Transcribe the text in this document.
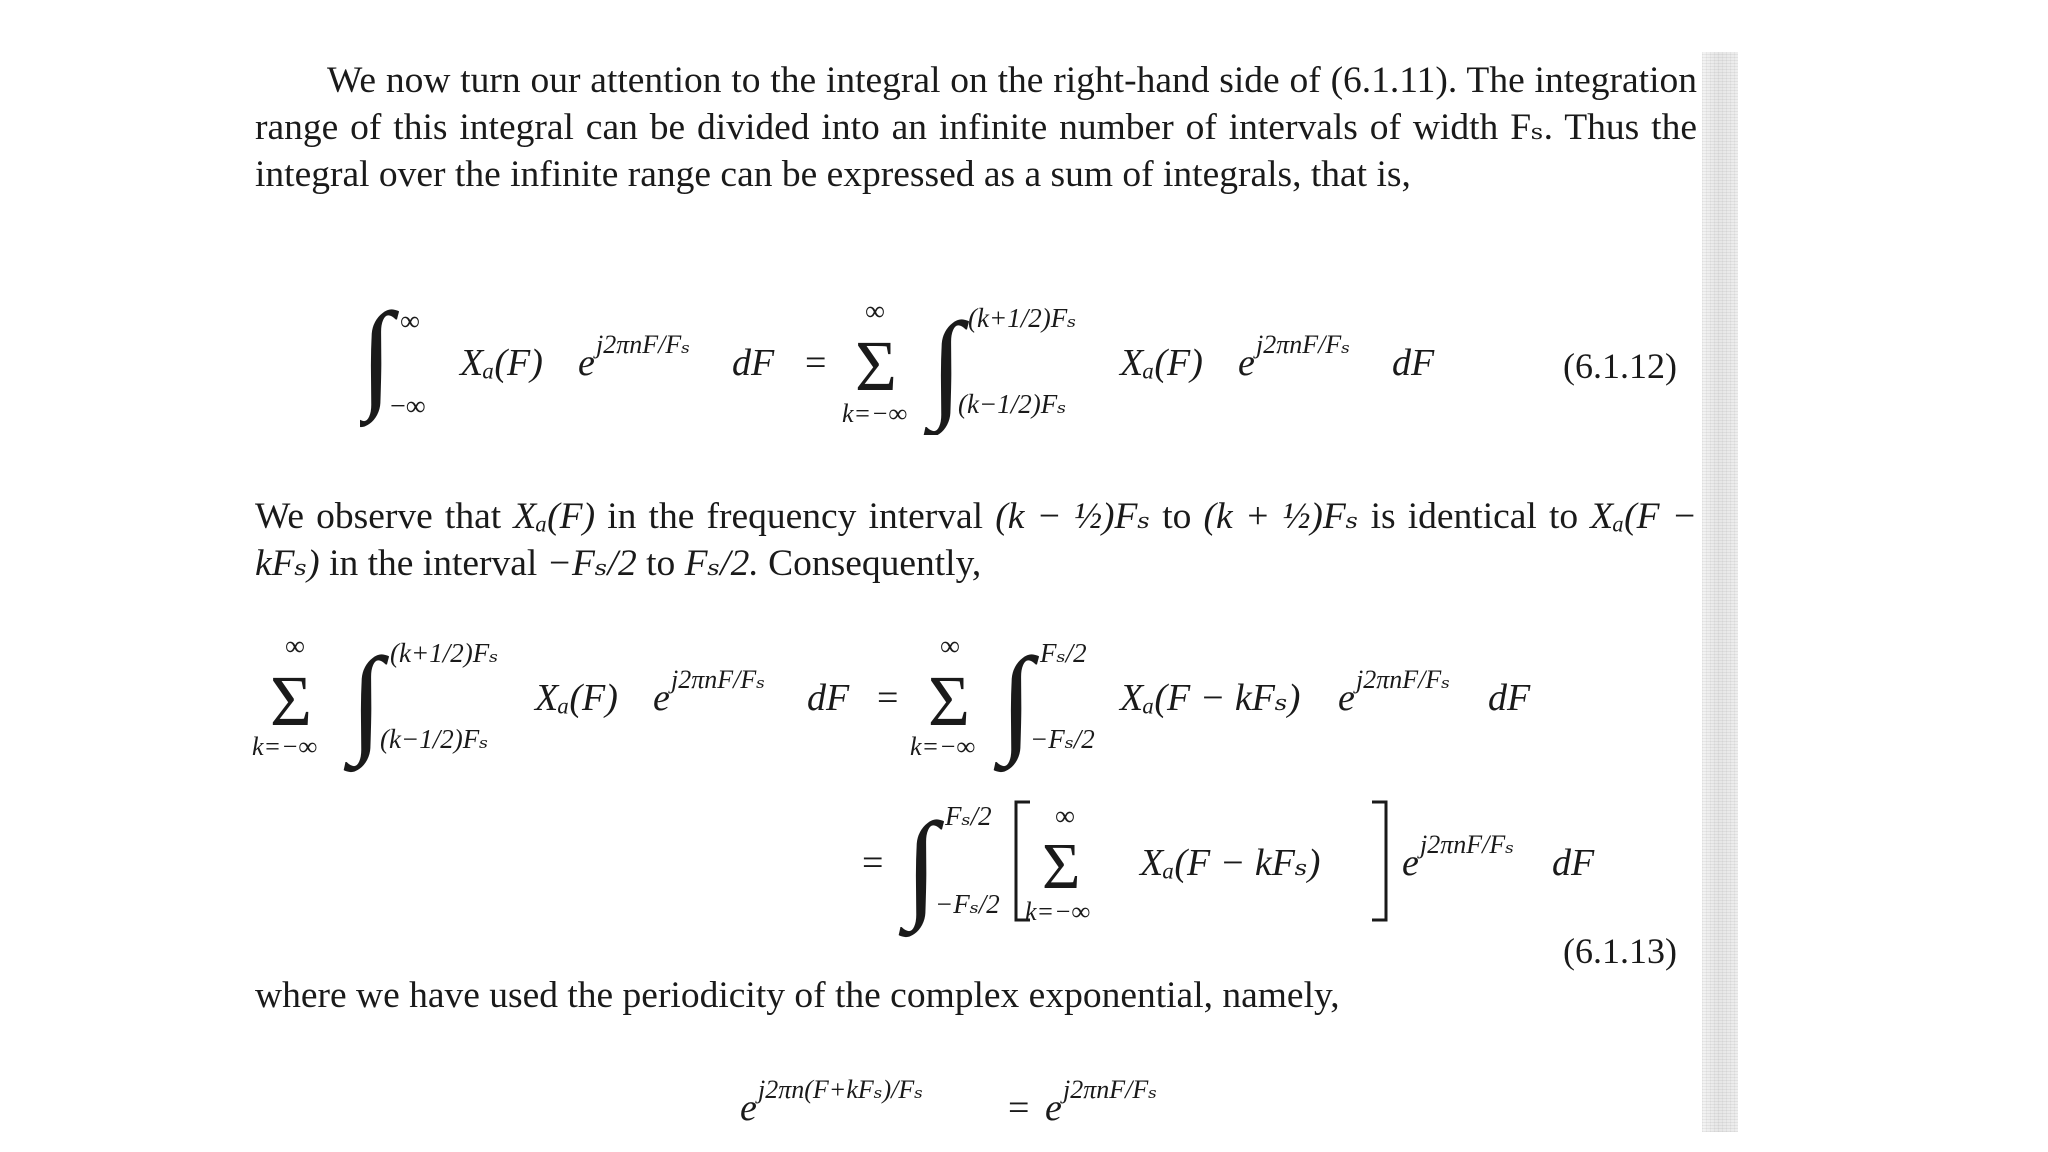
We now turn our attention to the integral on the right-hand side of (6.1.11). The integration range of this integral can be divided into an infinite number of intervals of width Fₛ. Thus the integral over the infinite range can be expressed as a sum of integrals, that is,

∫ ∞
−∞
Xₐ(F) e j2πnF/Fₛ dF =
∞
Σ
k=−∞ ∫ (k+1/2)Fₛ
(k−1/2)Fₛ
Xₐ(F) e j2πnF/Fₛ dF	(6.1.12)

We observe that Xₐ(F) in the frequency interval (k − ½)Fₛ to (k + ½)Fₛ is identical to Xₐ(F − kFₛ) in the interval −Fₛ/2 to Fₛ/2. Consequently,

∞
Σ
k=−∞ ∫ (k+1/2)Fₛ
(k−1/2)Fₛ
Xₐ(F) e j2πnF/Fₛ dF =
∞
Σ
k=−∞ ∫ Fₛ/2
−Fₛ/2
Xₐ(F − kFₛ) e j2πnF/Fₛ dF
= ∫ Fₛ/2
−Fₛ/2
∞
Σ
k=−∞
Xₐ(F − kFₛ) e j2πnF/Fₛ dF
(6.1.13)

where we have used the periodicity of the complex exponential, namely,

e j2πn(F+kFₛ)/Fₛ = e j2πnF/Fₛ
